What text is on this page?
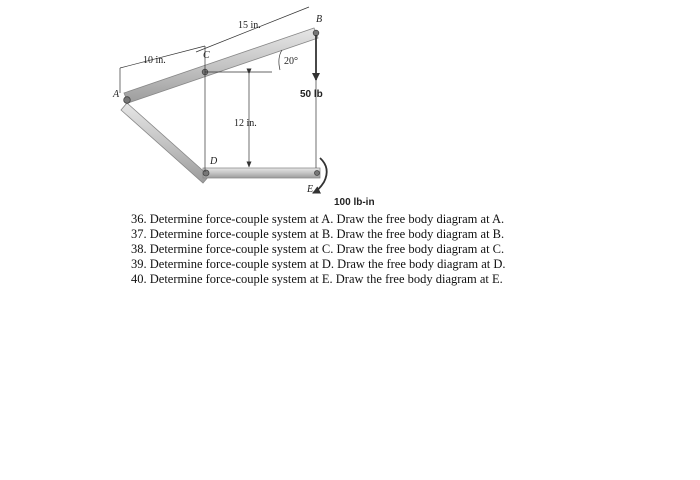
15 in.
10 in.	20°
12 in.
A
B
C
D
E
50 lb
100 lb-in
36. Determine force-couple system at A. Draw the free body diagram at A.
37. Determine force-couple system at B. Draw the free body diagram at B.
38. Determine force-couple system at C. Draw the free body diagram at C.
39. Determine force-couple system at D. Draw the free body diagram at D.
40. Determine force-couple system at E. Draw the free body diagram at E.
